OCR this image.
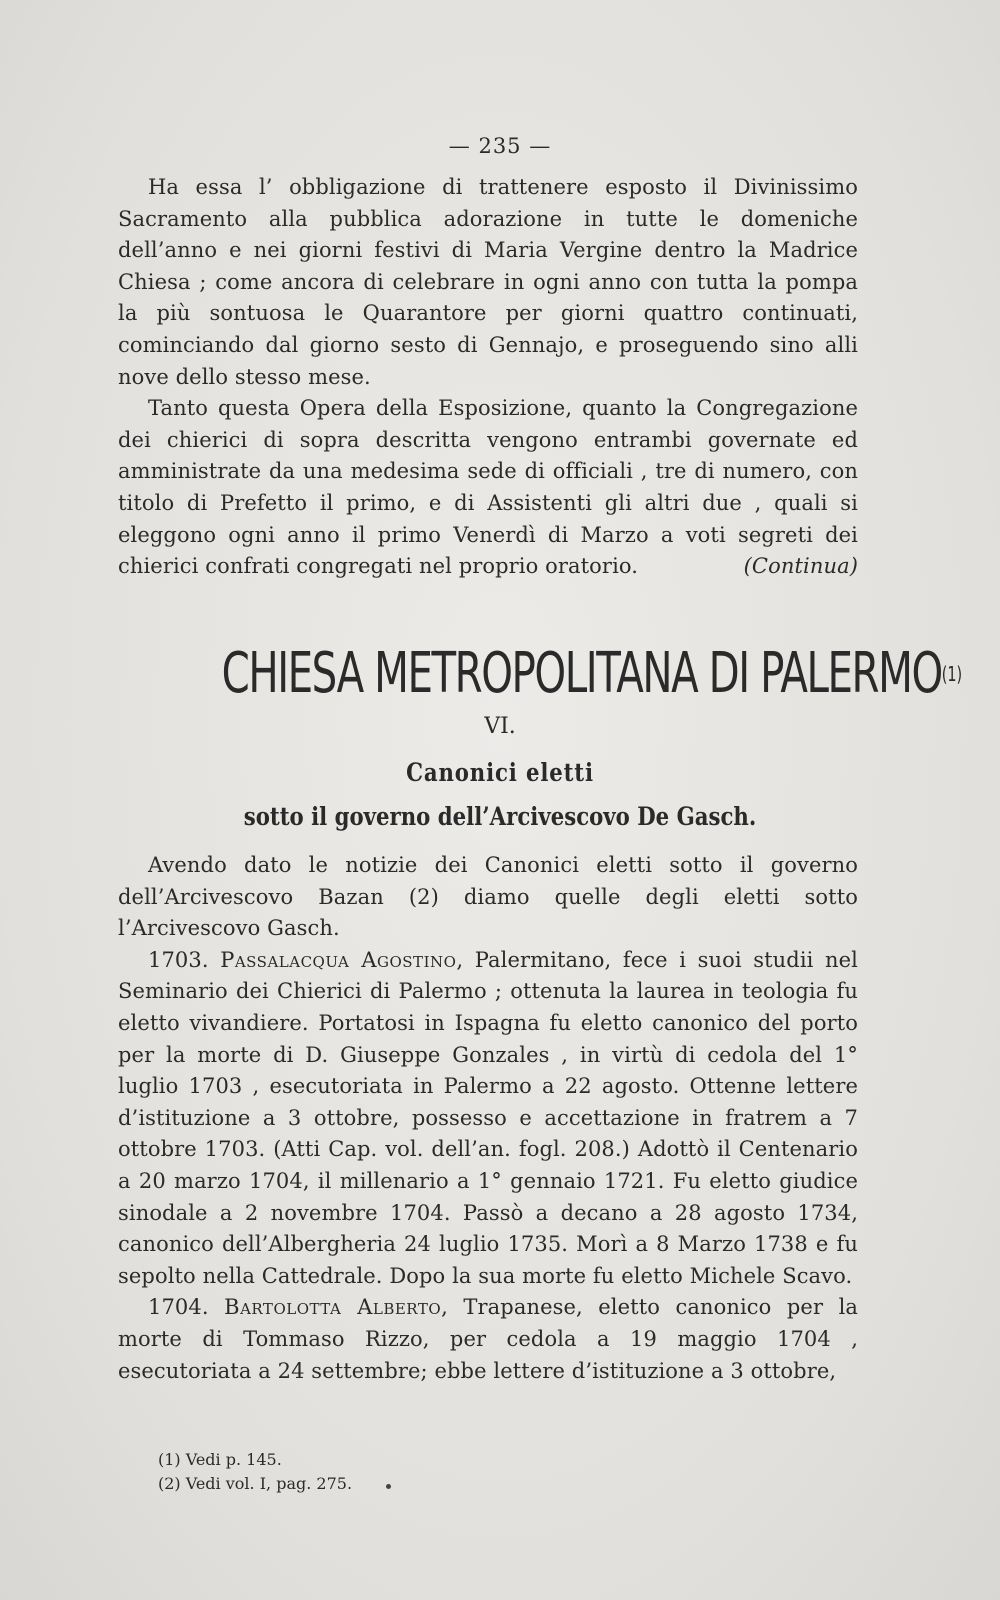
— 235 —

Ha essa l’ obbligazione di trattenere esposto il Divinissimo Sacramento alla pubblica adorazione in tutte le domeniche dell’anno e nei giorni festivi di Maria Vergine dentro la Madrice Chiesa ; come ancora di celebrare in ogni anno con tutta la pompa la più sontuosa le Quarantore per giorni quattro continuati, cominciando dal giorno sesto di Gennajo, e proseguendo sino alli nove dello stesso mese.

Tanto questa Opera della Esposizione, quanto la Congregazione dei chierici di sopra descritta vengono entrambi governate ed amministrate da una medesima sede di officiali , tre di numero, con titolo di Prefetto il primo, e di Assistenti gli altri due , quali si eleggono ogni anno il primo Venerdì di Marzo a voti segreti dei chierici confrati congregati nel proprio oratorio.	(Continua)

CHIESA METROPOLITANA DI PALERMO$^{(1)}$
VI.
Canonici eletti
sotto il governo dell’Arcivescovo De Gasch.

Avendo dato le notizie dei Canonici eletti sotto il governo dell’Arcivescovo Bazan (2) diamo quelle degli eletti sotto l’Arcivescovo Gasch.

1703. Passalacqua Agostino, Palermitano, fece i suoi studii nel Seminario dei Chierici di Palermo ; ottenuta la laurea in teologia fu eletto vivandiere. Portatosi in Ispagna fu eletto canonico del porto per la morte di D. Giuseppe Gonzales , in virtù di cedola del 1° luglio 1703 , esecutoriata in Palermo a 22 agosto. Ottenne lettere d’istituzione a 3 ottobre, possesso e accettazione in fratrem a 7 ottobre 1703. (Atti Cap. vol. dell’an. fogl. 208.) Adottò il Centenario a 20 marzo 1704, il millenario a 1° gennaio 1721. Fu eletto giudice sinodale a 2 novembre 1704. Passò a decano a 28 agosto 1734, canonico dell’Albergheria 24 luglio 1735. Morì a 8 Marzo 1738 e fu sepolto nella Cattedrale. Dopo la sua morte fu eletto Michele Scavo.

1704. Bartolotta Alberto, Trapanese, eletto canonico per la morte di Tommaso Rizzo, per cedola a 19 maggio 1704 , esecutoriata a 24 settembre; ebbe lettere d’istituzione a 3 ottobre,

(1) Vedi p. 145.
(2) Vedi vol. I, pag. 275.
